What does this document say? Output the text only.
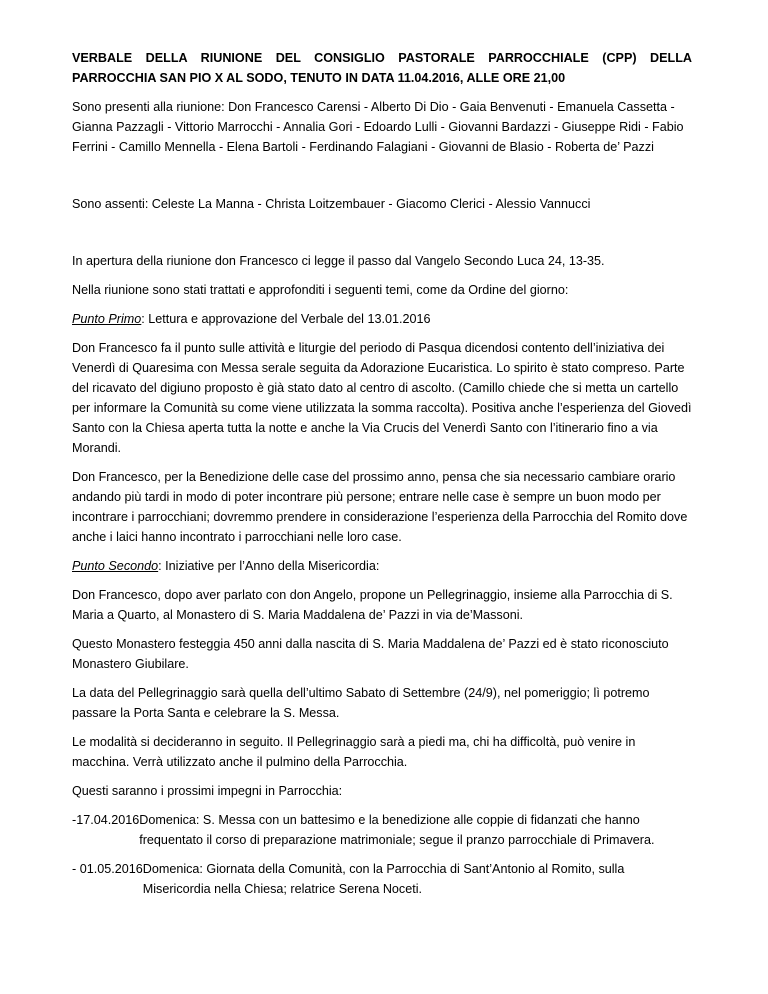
VERBALE DELLA RIUNIONE DEL CONSIGLIO PASTORALE PARROCCHIALE (CPP) DELLA PARROCCHIA SAN PIO X AL SODO, TENUTO IN DATA 11.04.2016, ALLE ORE 21,00

Sono presenti alla riunione: Don Francesco Carensi - Alberto Di Dio - Gaia Benvenuti - Emanuela Cassetta - Gianna Pazzagli - Vittorio Marrocchi - Annalia Gori - Edoardo Lulli - Giovanni Bardazzi - Giuseppe Ridi - Fabio Ferrini - Camillo Mennella - Elena Bartoli - Ferdinando Falagiani - Giovanni de Blasio - Roberta de’ Pazzi

Sono assenti: Celeste La Manna - Christa Loitzembauer - Giacomo Clerici - Alessio Vannucci

In apertura della riunione don Francesco ci legge il passo dal Vangelo Secondo Luca 24, 13-35.

Nella riunione sono stati trattati e approfonditi i seguenti temi, come da Ordine del giorno:

Punto Primo: Lettura e approvazione del Verbale del 13.01.2016

Don Francesco fa il punto sulle attività e liturgie del periodo di Pasqua dicendosi contento dell’iniziativa dei Venerdì di Quaresima con Messa serale seguita da Adorazione Eucaristica. Lo spirito è stato compreso. Parte del ricavato del digiuno proposto è già stato dato al centro di ascolto. (Camillo chiede che si metta un cartello per informare la Comunità su come viene utilizzata la somma raccolta). Positiva anche l’esperienza del Giovedì Santo con la Chiesa aperta tutta la notte e anche la Via Crucis del Venerdì Santo con l’itinerario fino a via Morandi.

Don Francesco, per la Benedizione delle case del prossimo anno, pensa che sia necessario cambiare orario andando più tardi in modo di poter incontrare più persone; entrare nelle case è sempre un buon modo per incontrare i parrocchiani; dovremmo prendere in considerazione l’esperienza della Parrocchia del Romito dove anche i laici hanno incontrato i parrocchiani nelle loro case.

Punto Secondo: Iniziative per l’Anno della Misericordia:

Don Francesco, dopo aver parlato con don Angelo, propone un Pellegrinaggio, insieme alla Parrocchia di S. Maria a Quarto, al Monastero di S. Maria Maddalena de’ Pazzi in via de’Massoni.

Questo Monastero festeggia 450 anni dalla nascita di S. Maria Maddalena de’ Pazzi ed è stato riconosciuto Monastero Giubilare.

La data del Pellegrinaggio sarà quella dell’ultimo Sabato di Settembre (24/9), nel pomeriggio; lì potremo passare la Porta Santa e celebrare la S. Messa.

Le modalità si decideranno in seguito. Il Pellegrinaggio sarà a piedi ma, chi ha difficoltà, può venire in macchina. Verrà utilizzato anche il pulmino della Parrocchia.

Questi saranno i prossimi impegni in Parrocchia:

-17.04.2016 Domenica: S. Messa con un battesimo e la benedizione alle coppie di fidanzati che hanno frequentato il corso di preparazione matrimoniale; segue il pranzo parrocchiale di Primavera.
- 01.05.2016 Domenica: Giornata della Comunità, con la Parrocchia di Sant’Antonio al Romito, sulla Misericordia nella Chiesa; relatrice Serena Noceti.
